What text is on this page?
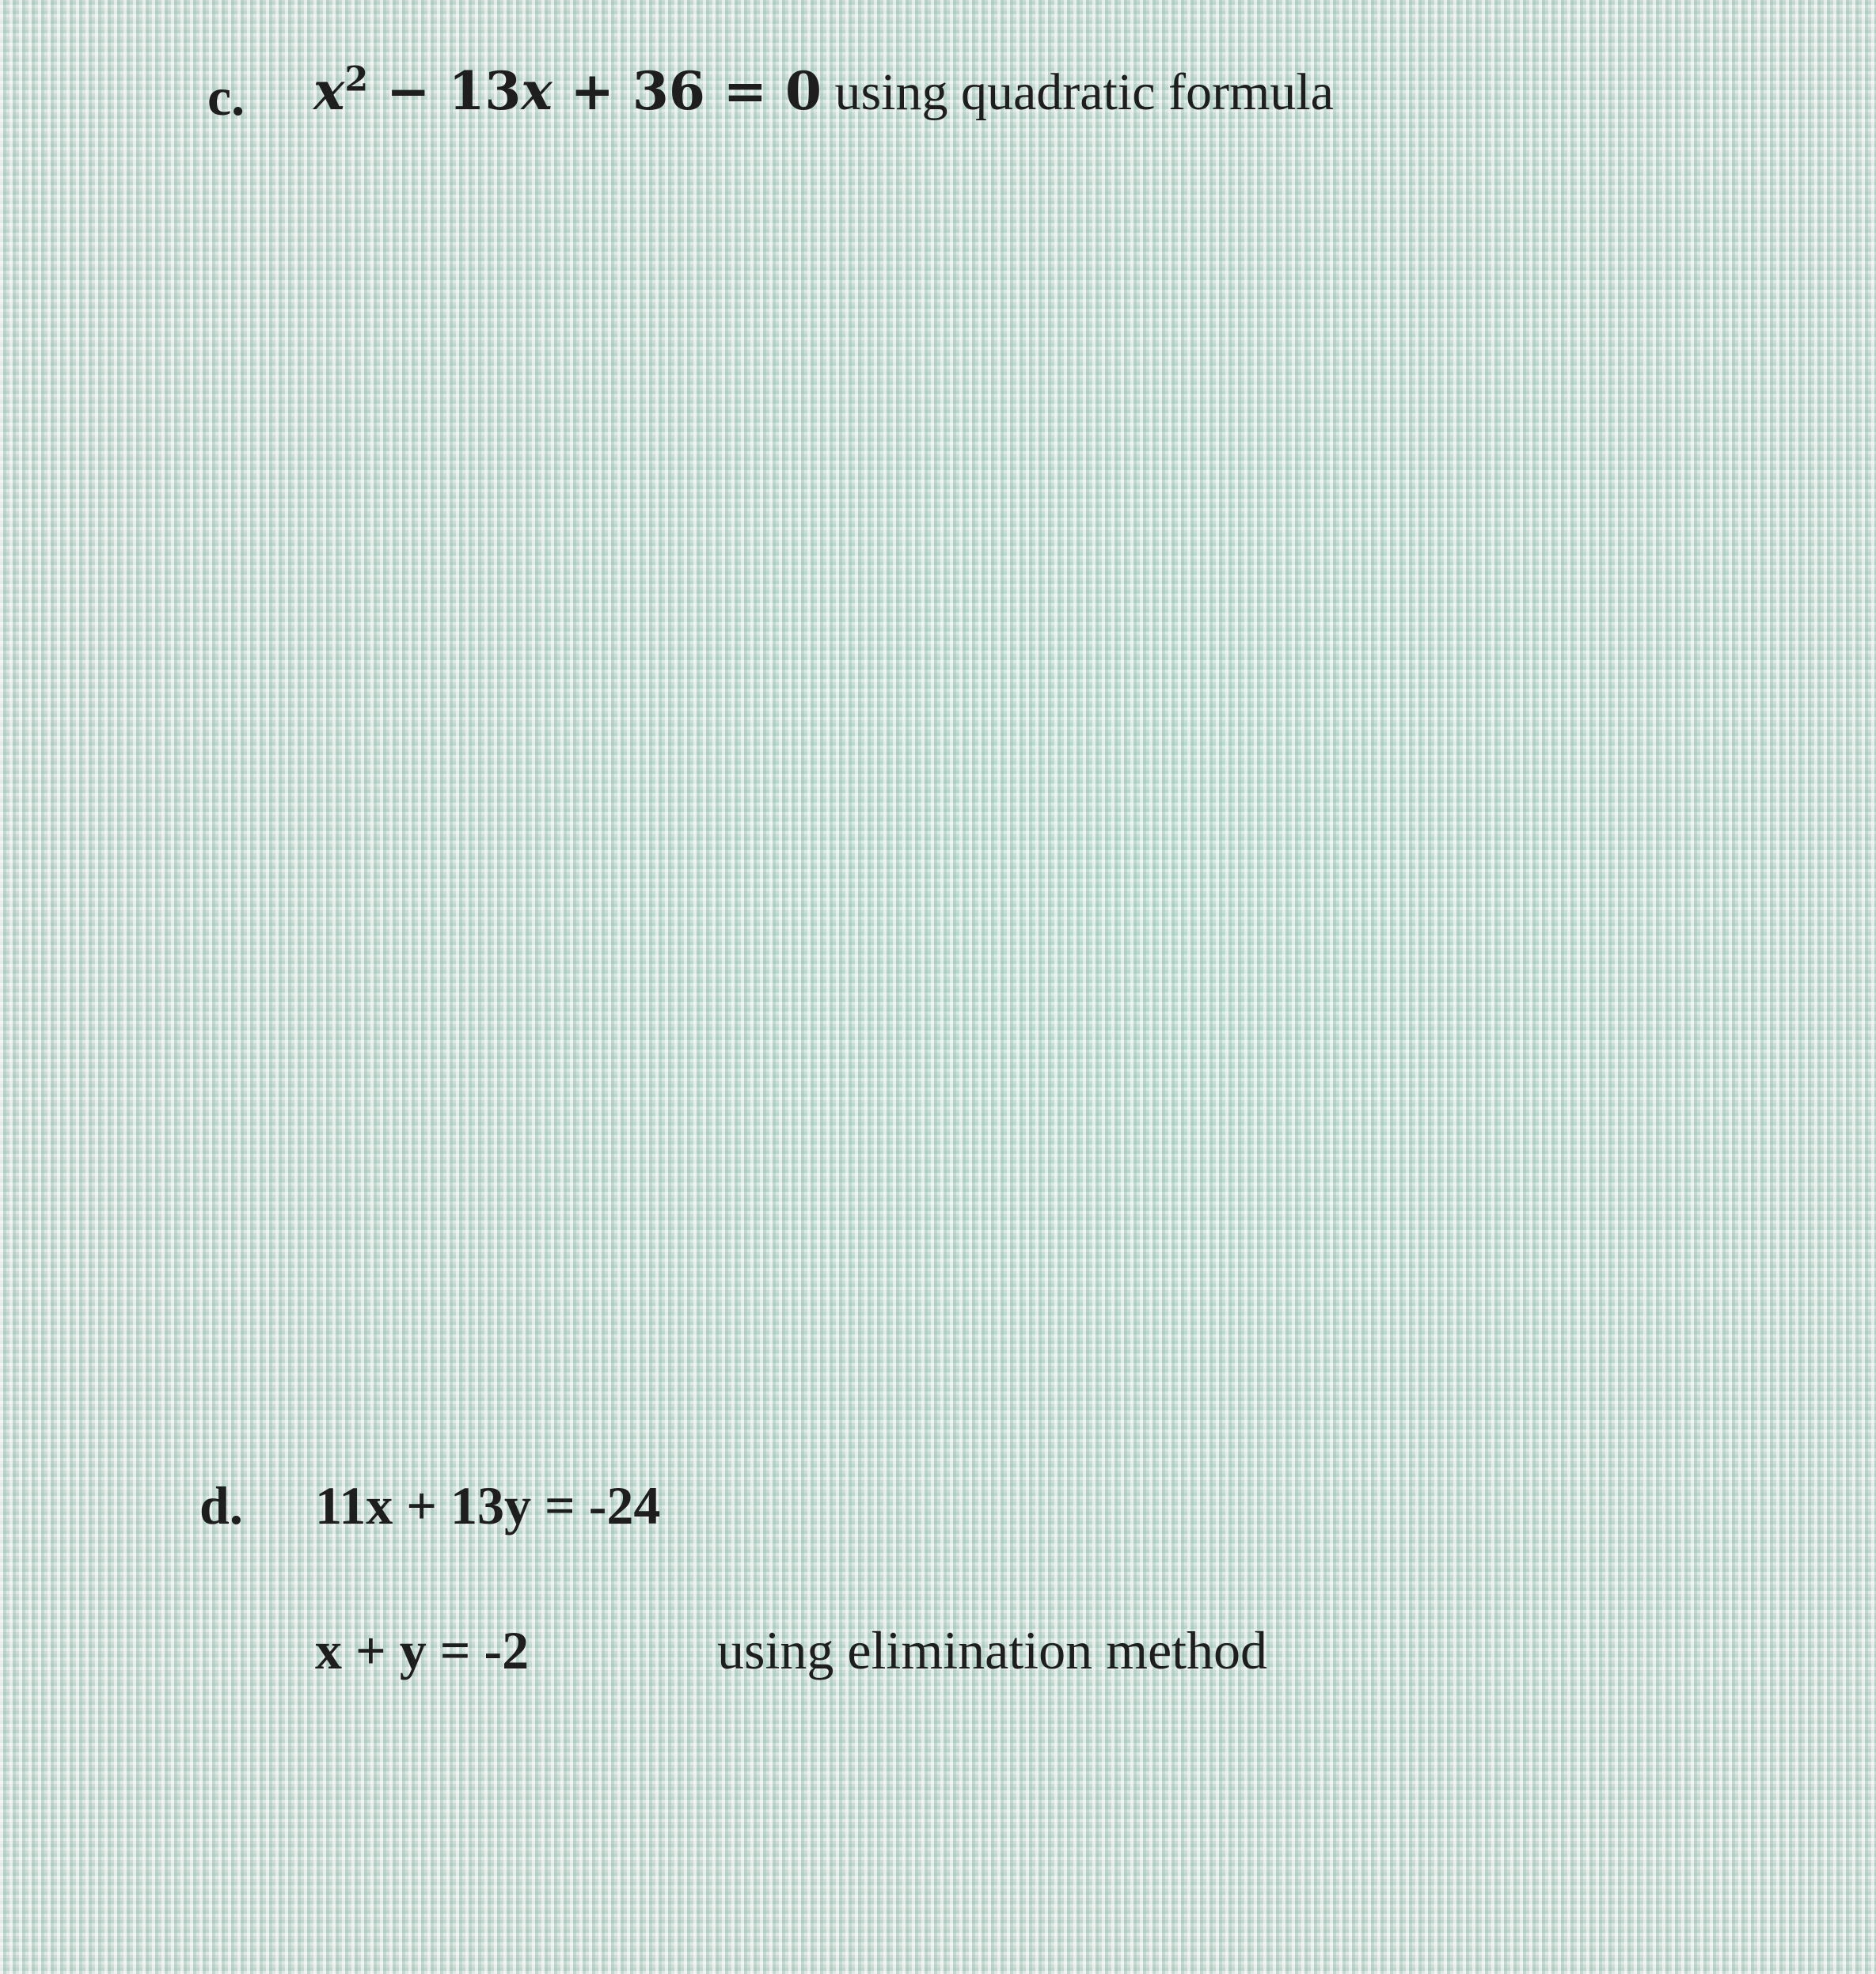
c. $x^2 - 13x + 36 = 0$ using quadratic formula
d. 11x + 13y = -24
x + y = -2	using elimination method
